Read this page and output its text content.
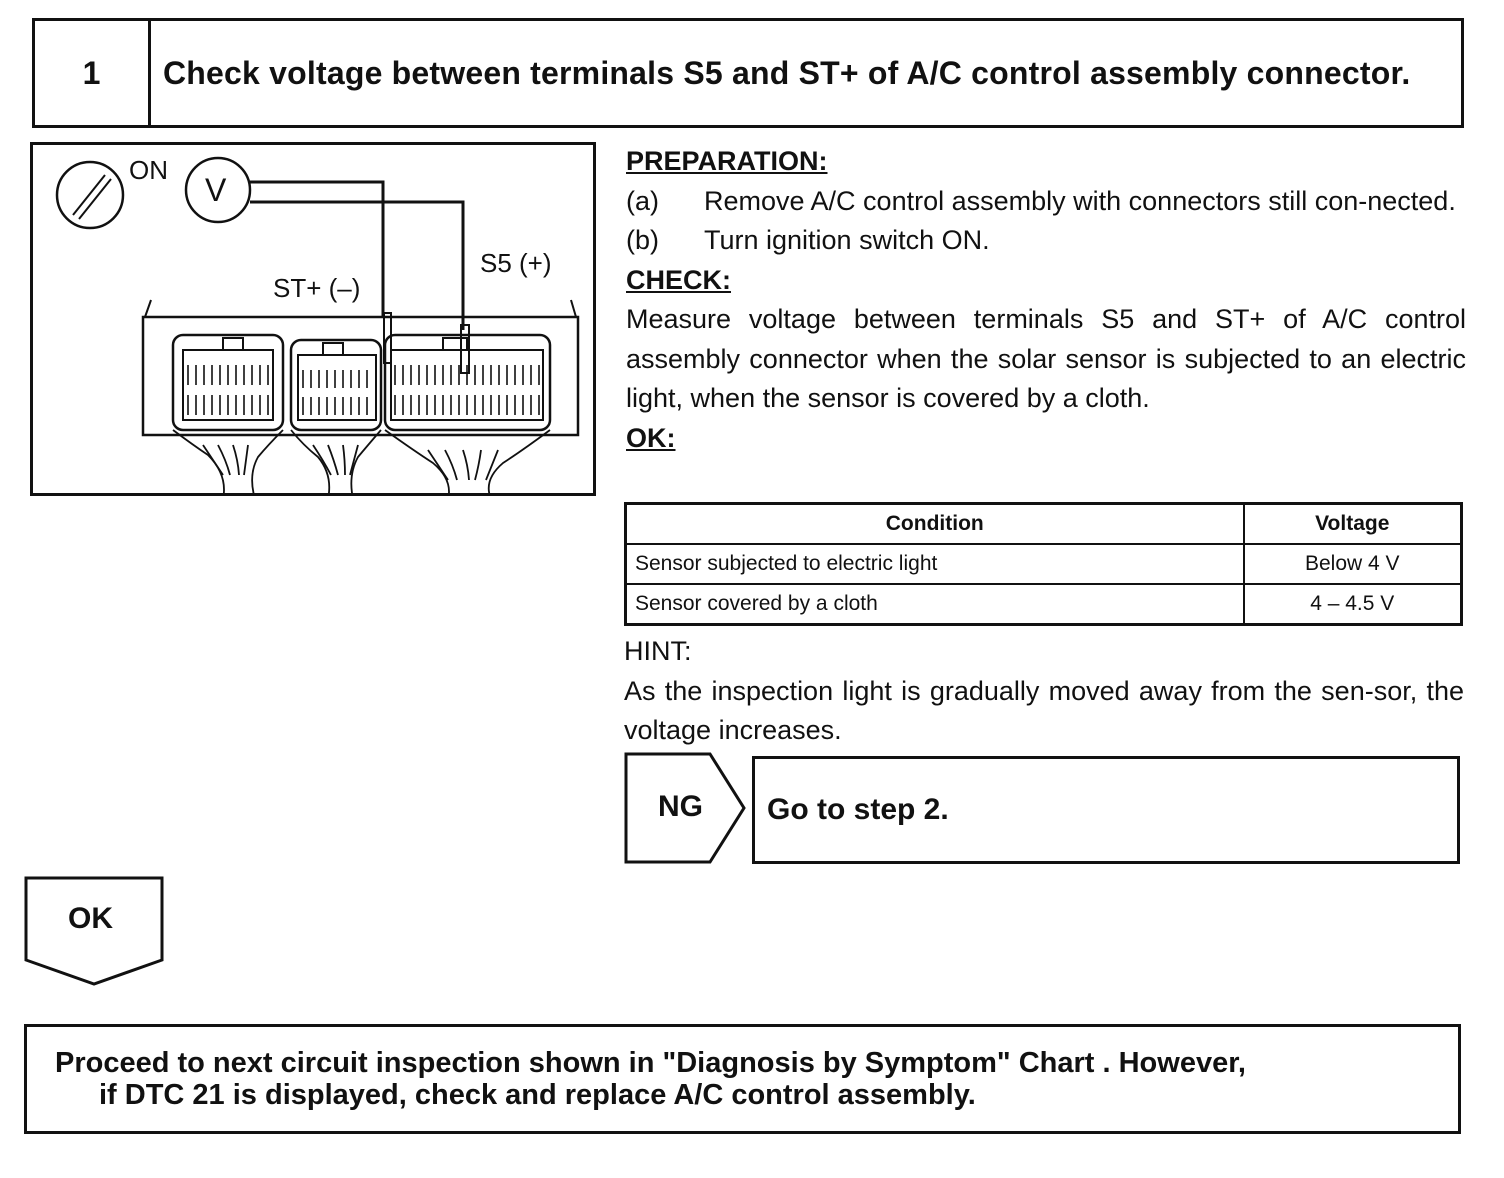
1	Check voltage between terminals S5 and ST+ of A/C control assembly connector.
ON
V
ST+ (–)
S5 (+)
PREPARATION:
(a)	Remove A/C control assembly with connectors still con-nected.
(b)	Turn ignition switch ON.
CHECK:
Measure voltage between terminals S5 and ST+ of A/C control assembly connector when the solar sensor is subjected to an electric light, when the sensor is covered by a cloth.
OK:
Condition	Voltage
Sensor subjected to electric light	Below 4 V
Sensor covered by a cloth	4 – 4.5 V
HINT:
As the inspection light is gradually moved away from the sen-sor, the voltage increases.
NG	Go to step 2.
OK
Proceed to next circuit inspection shown in "Diagnosis by Symptom" Chart . However,
if DTC 21 is displayed, check and replace A/C control assembly.
